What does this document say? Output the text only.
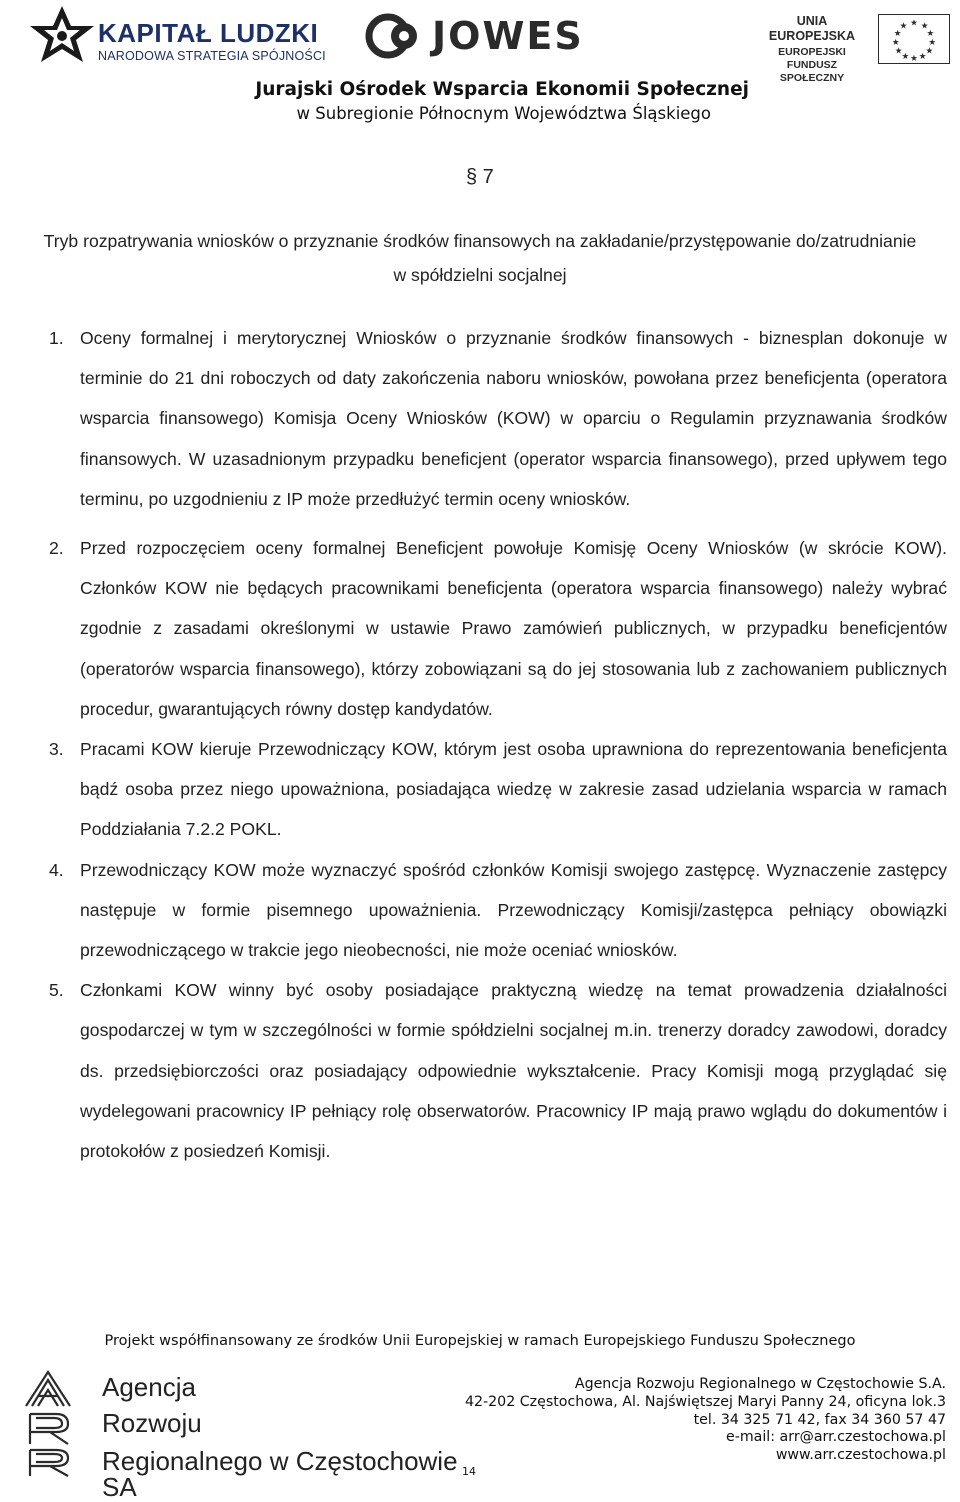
KAPITAŁ LUDZKI
NARODOWA STRATEGIA SPÓJNOŚCI	JOWES	UNIA EUROPEJSKA
EUROPEJSKI
FUNDUSZ SPOŁECZNY
★ ★
★
★
★
★
★
★
★
★
★
★
Jurajski Ośrodek Wsparcia Ekonomii Społecznej
w Subregionie Północnym Województwa Śląskiego
§ 7
Tryb rozpatrywania wniosków o przyznanie środków finansowych na zakładanie/przystępowanie do/zatrudnianie w spółdzielni socjalnej
1. Oceny formalnej i merytorycznej Wniosków o przyznanie środków finansowych - biznesplan dokonuje w terminie do 21 dni roboczych od daty zakończenia naboru wniosków, powołana przez beneficjenta (operatora wsparcia finansowego) Komisja Oceny Wniosków (KOW) w oparciu o Regulamin przyznawania środków finansowych. W uzasadnionym przypadku beneficjent (operator wsparcia finansowego), przed upływem tego terminu, po uzgodnieniu z IP może przedłużyć termin oceny wniosków.
2. Przed rozpoczęciem oceny formalnej Beneficjent powołuje Komisję Oceny Wniosków (w skrócie KOW). Członków KOW nie będących pracownikami beneficjenta (operatora wsparcia finansowego) należy wybrać zgodnie z zasadami określonymi w ustawie Prawo zamówień publicznych, w przypadku beneficjentów (operatorów wsparcia finansowego), którzy zobowiązani są do jej stosowania lub z zachowaniem publicznych procedur, gwarantujących równy dostęp kandydatów.
3. Pracami KOW kieruje Przewodniczący KOW, którym jest osoba uprawniona do reprezentowania beneficjenta bądź osoba przez niego upoważniona, posiadająca wiedzę w zakresie zasad udzielania wsparcia w ramach Poddziałania 7.2.2 POKL.
4. Przewodniczący KOW może wyznaczyć spośród członków Komisji swojego zastępcę. Wyznaczenie zastępcy następuje w formie pisemnego upoważnienia. Przewodniczący Komisji/zastępca pełniący obowiązki przewodniczącego w trakcie jego nieobecności, nie może oceniać wniosków.
5. Członkami KOW winny być osoby posiadające praktyczną wiedzę na temat prowadzenia działalności gospodarczej w tym w szczególności w formie spółdzielni socjalnej m.in. trenerzy doradcy zawodowi, doradcy ds. przedsiębiorczości oraz posiadający odpowiednie wykształcenie. Pracy Komisji mogą przyglądać się wydelegowani pracownicy IP pełniący rolę obserwatorów. Pracownicy IP mają prawo wglądu do dokumentów i protokołów z posiedzeń Komisji.
Projekt współfinansowany ze środków Unii Europejskiej w ramach Europejskiego Funduszu Społecznego
Agencja
Rozwoju
Regionalnego w Częstochowie SA
Agencja Rozwoju Regionalnego w Częstochowie S.A.
42-202 Częstochowa, Al. Najświętszej Maryi Panny 24, oficyna lok.3
tel. 34 325 71 42, fax 34 360 57 47
e-mail: arr@arr.czestochowa.pl
www.arr.czestochowa.pl
14
